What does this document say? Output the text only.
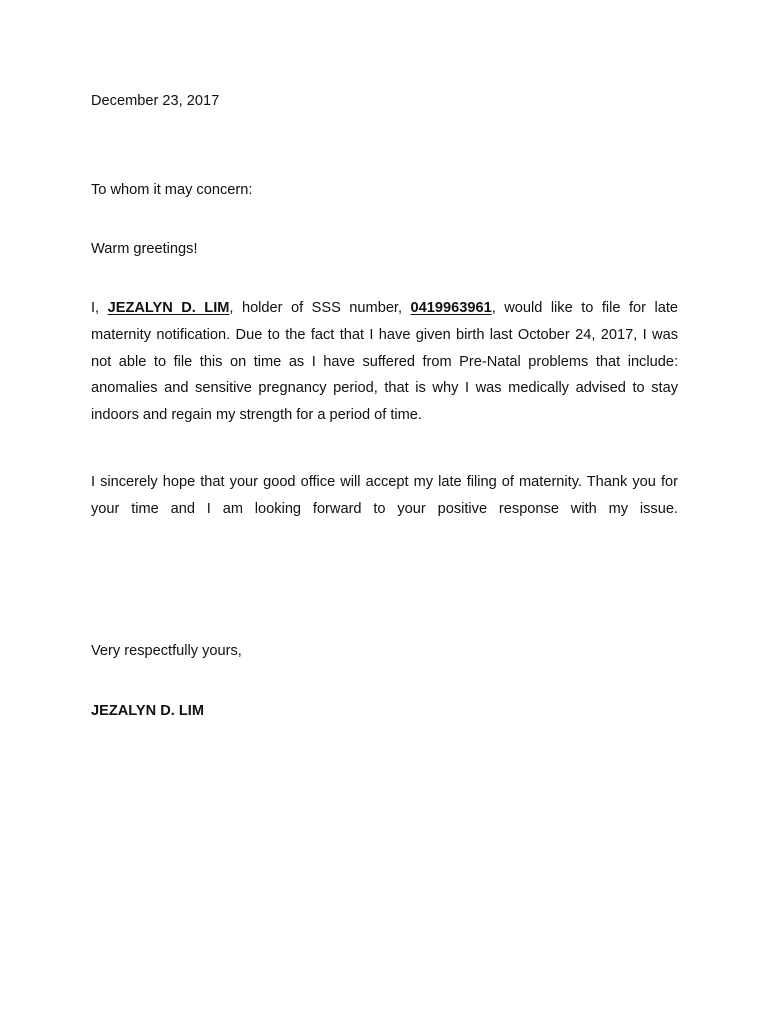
December 23, 2017
To whom it may concern:
Warm greetings!
I, JEZALYN D. LIM, holder of SSS number, 0419963961, would like to file for late maternity notification. Due to the fact that I have given birth last October 24, 2017, I was not able to file this on time as I have suffered from Pre-Natal problems that include: anomalies and sensitive pregnancy period, that is why I was medically advised to stay indoors and regain my strength for a period of time.
I sincerely hope that your good office will accept my late filing of maternity. Thank you for your time and I am looking forward to your positive response with my issue.
Very respectfully yours,
JEZALYN D. LIM
